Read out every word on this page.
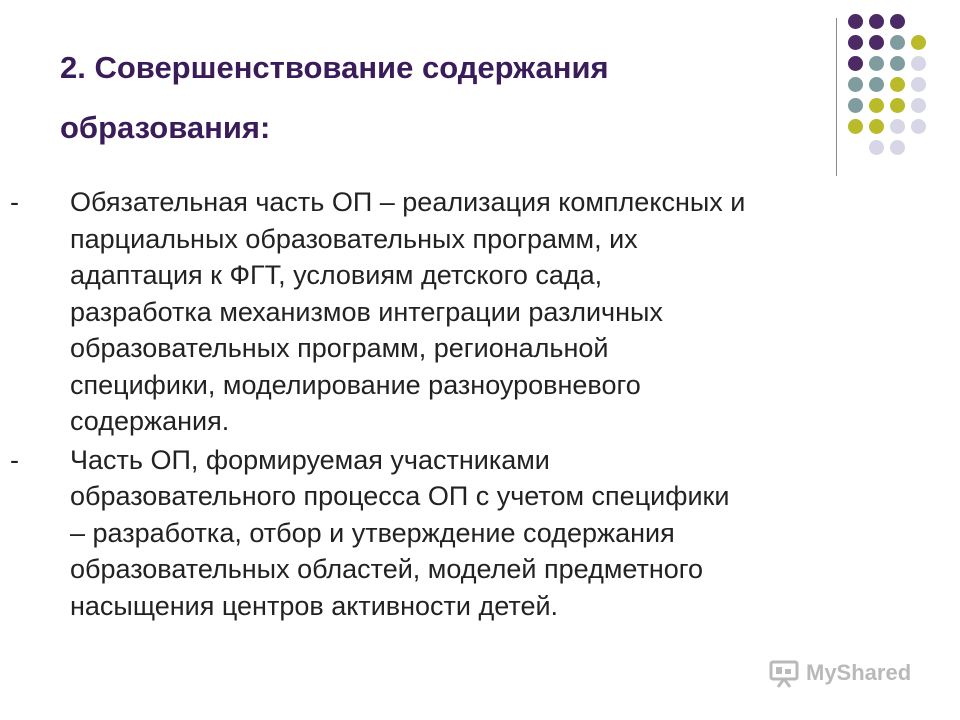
2. Совершенствование содержания
образования:
- Обязательная часть ОП – реализация комплексных и
парциальных образовательных программ, их
адаптация к ФГТ, условиям детского сада,
разработка механизмов интеграции различных
образовательных программ, региональной
специфики, моделирование разноуровневого
содержания.
- Часть ОП, формируемая участниками
образовательного процесса ОП с учетом специфики
– разработка, отбор и утверждение содержания
образовательных областей, моделей предметного
насыщения центров активности детей.
MyShared
